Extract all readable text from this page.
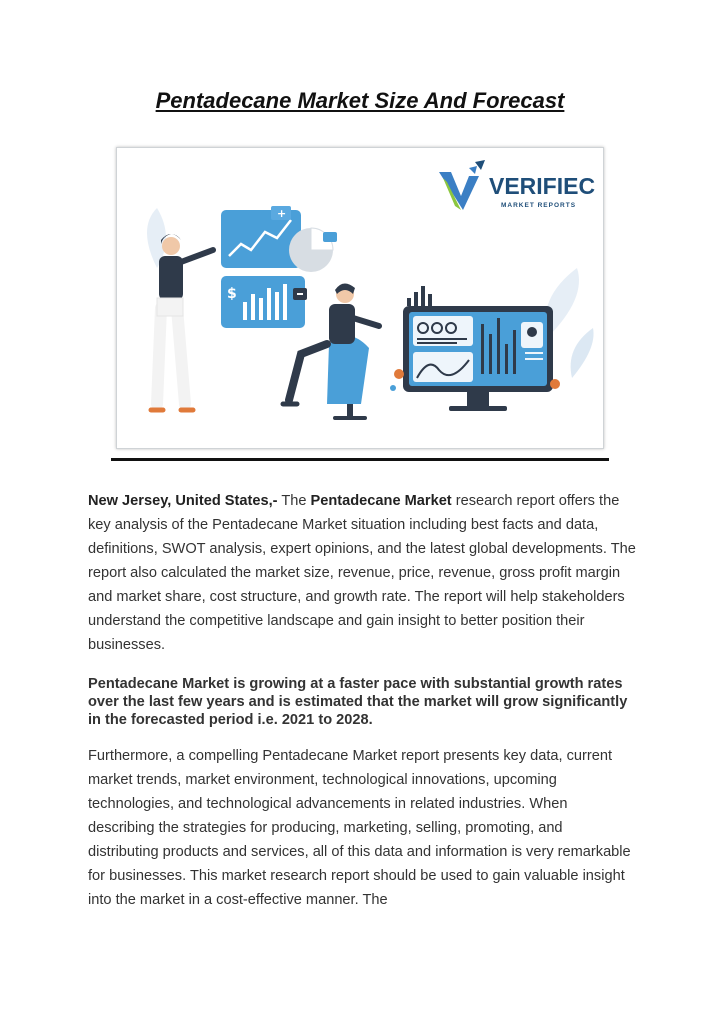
Pentadecane Market Size And Forecast
VERIFIEC
MARKET REPORTS
+
$

New Jersey, United States,- The Pentadecane Market research report offers the key analysis of the Pentadecane Market situation including best facts and data, definitions, SWOT analysis, expert opinions, and the latest global developments. The report also calculated the market size, revenue, price, revenue, gross profit margin and market share, cost structure, and growth rate. The report will help stakeholders understand the competitive landscape and gain insight to better position their businesses.

Pentadecane Market is growing at a faster pace with substantial growth rates over the last few years and is estimated that the market will grow significantly in the forecasted period i.e. 2021 to 2028.

Furthermore, a compelling Pentadecane Market report presents key data, current market trends, market environment, technological innovations, upcoming technologies, and technological advancements in related industries. When describing the strategies for producing, marketing, selling, promoting, and distributing products and services, all of this data and information is very remarkable for businesses. This market research report should be used to gain valuable insight into the market in a cost-effective manner. The
